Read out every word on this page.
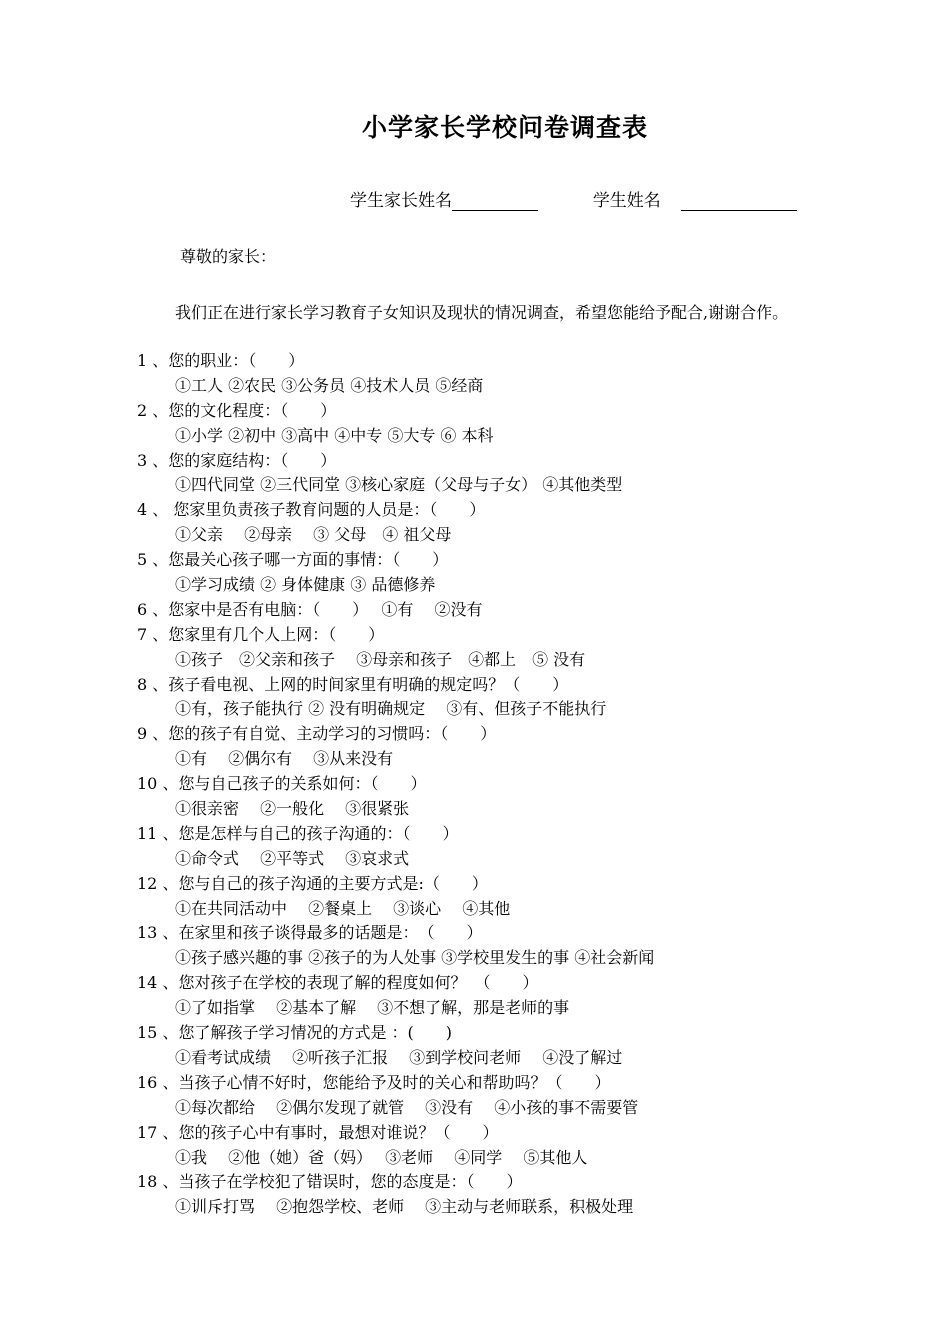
小学家长学校问卷调查表
学生家长姓名	学生姓名
尊敬的家长：
我们正在进行家长学习教育子女知识及现状的情况调查，希望您能给予配合,谢谢合作。
1 、您的职业：（　　）
①工人 ②农民 ③公务员 ④技术人员 ⑤经商
2 、您的文化程度：（　　）
①小学 ②初中 ③高中 ④中专 ⑤大专 ⑥ 本科
3 、您的家庭结构：（　　）
①四代同堂 ②三代同堂 ③核心家庭（父母与子女） ④其他类型
4 、 您家里负责孩子教育问题的人员是：（　　）
①父亲　 ②母亲　 ③ 父母　④ 祖父母
5 、您最关心孩子哪一方面的事情：（　　）
①学习成绩 ② 身体健康 ③ 品德修养
6 、您家中是否有电脑：（　　）　 ①有　 ②没有
7 、您家里有几个人上网：（　　）
①孩子　②父亲和孩子　 ③母亲和孩子　④都上　⑤ 没有
8 、孩子看电视、上网的时间家里有明确的规定吗？（　　）
①有，孩子能执行 ② 没有明确规定　 ③有、但孩子不能执行
9 、您的孩子有自觉、主动学习的习惯吗：（　　）
①有　 ②偶尔有　 ③从来没有
10 、您与自己孩子的关系如何：（　　）
①很亲密　 ②一般化　 ③很紧张
11 、您是怎样与自己的孩子沟通的：（　　）
①命令式　 ②平等式　 ③哀求式
12 、您与自己的孩子沟通的主要方式是:（　　）
①在共同活动中　 ②餐桌上　 ③谈心　 ④其他
13 、在家里和孩子谈得最多的话题是：　（　　）
①孩子感兴趣的事 ②孩子的为人处事 ③学校里发生的事 ④社会新闻
14 、您对孩子在学校的表现了解的程度如何？　（　　）
①了如指掌　 ②基本了解　 ③不想了解，那是老师的事
15 、您了解孩子学习情况的方式是 ：(　　)
①看考试成绩　 ②听孩子汇报　 ③到学校问老师　 ④没了解过
16 、当孩子心情不好时，您能给予及时的关心和帮助吗？（　　）
①每次都给　 ②偶尔发现了就管　 ③没有　 ④小孩的事不需要管
17 、您的孩子心中有事时，最想对谁说？（　　）
①我　 ②他（她）爸（妈）　 ③老师　 ④同学　 ⑤其他人
18 、当孩子在学校犯了错误时，您的态度是：（　　）
①训斥打骂　 ②抱怨学校、老师　 ③主动与老师联系，积极处理
